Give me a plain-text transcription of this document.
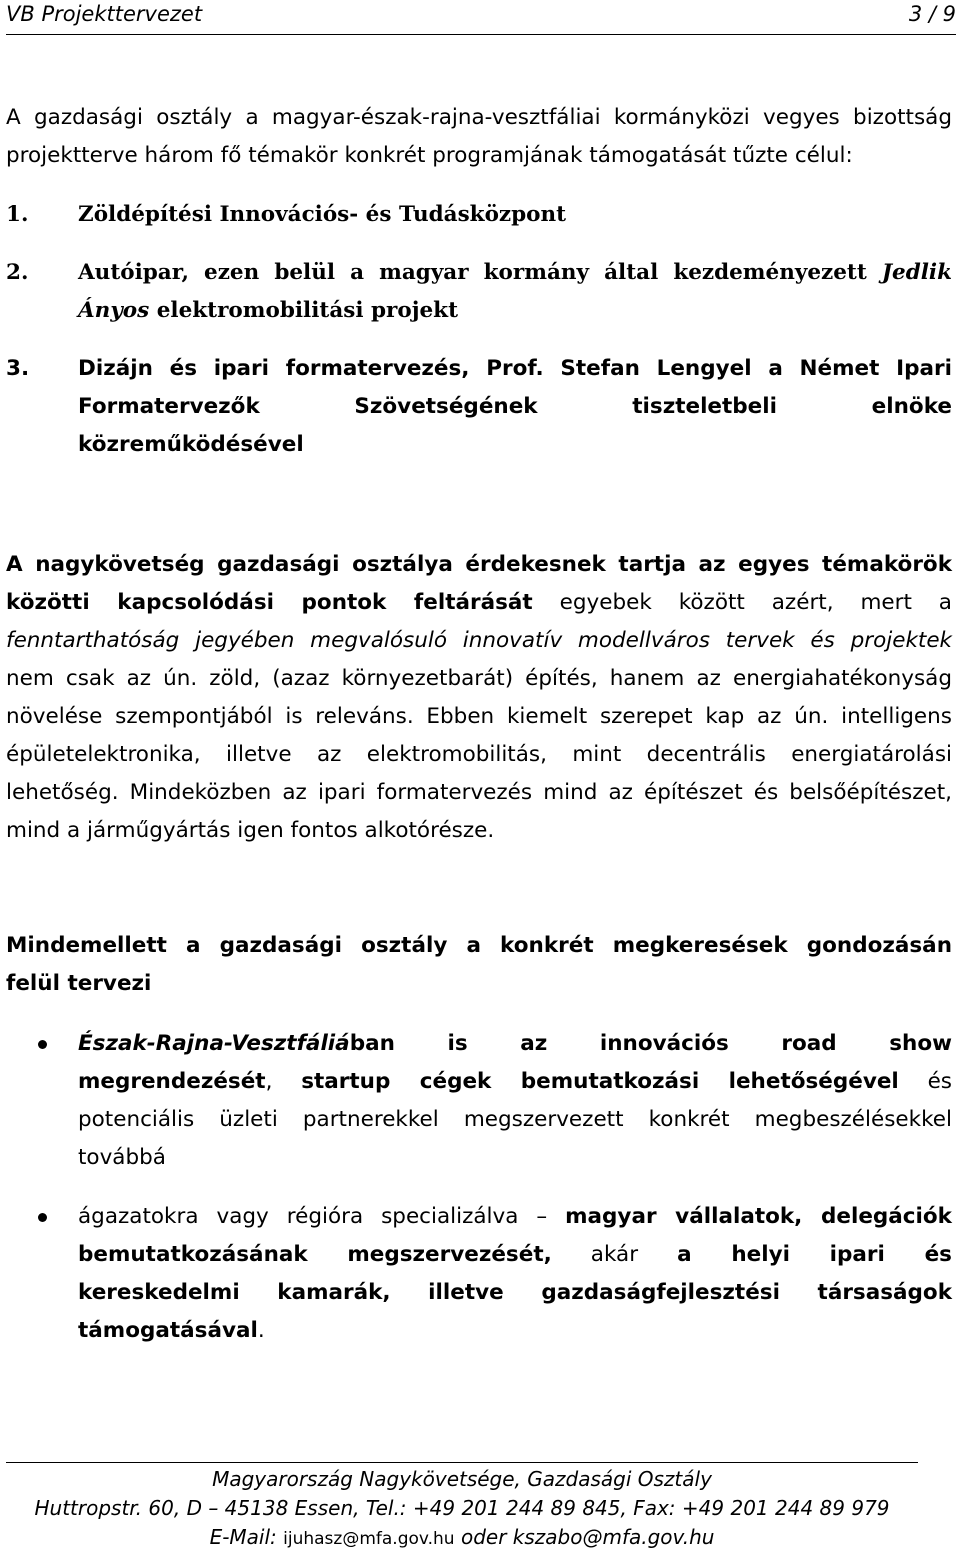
VB Projekttervezet	3 / 9
A gazdasági osztály a magyar-észak-rajna-vesztfáliai kormányközi vegyes bizottság
projektterve három fő témakör konkrét programjának támogatását tűzte célul:
1. Zöldépítési Innovációs- és Tudásközpont
2. Autóipar, ezen belül a magyar kormány által kezdeményezett Jedlik
Ányos elektromobilitási projekt
3. Dizájn és ipari formatervezés, Prof. Stefan Lengyel a Német Ipari
Formatervezők Szövetségének tiszteletbeli elnöke
közreműködésével
A nagykövetség gazdasági osztálya érdekesnek tartja az egyes témakörök
közötti kapcsolódási pontok feltárását egyebek között azért, mert a
fenntarthatóság jegyében megvalósuló innovatív modellváros tervek és projektek
nem csak az ún. zöld, (azaz környezetbarát) építés, hanem az energiahatékonyság
növelése szempontjából is releváns. Ebben kiemelt szerepet kap az ún. intelligens
épületelektronika, illetve az elektromobilitás, mint decentrális energiatárolási
lehetőség. Mindeközben az ipari formatervezés mind az építészet és belsőépítészet,
mind a járműgyártás igen fontos alkotórésze.
Mindemellett a gazdasági osztály a konkrét megkeresések gondozásán
felül tervezi
Észak-Rajna-Vesztfáliában is az innovációs road show
megrendezését, startup cégek bemutatkozási lehetőségével és
potenciális üzleti partnerekkel megszervezett konkrét megbeszélésekkel
továbbá
ágazatokra vagy régióra specializálva – magyar vállalatok, delegációk
bemutatkozásának megszervezését, akár a helyi ipari és
kereskedelmi kamarák, illetve gazdaságfejlesztési társaságok
támogatásával.
Magyarország Nagykövetsége, Gazdasági Osztály
Huttropstr. 60, D – 45138 Essen, Tel.: +49 201 244 89 845, Fax: +49 201 244 89 979
E-Mail: ijuhasz@mfa.gov.hu oder kszabo@mfa.gov.hu
